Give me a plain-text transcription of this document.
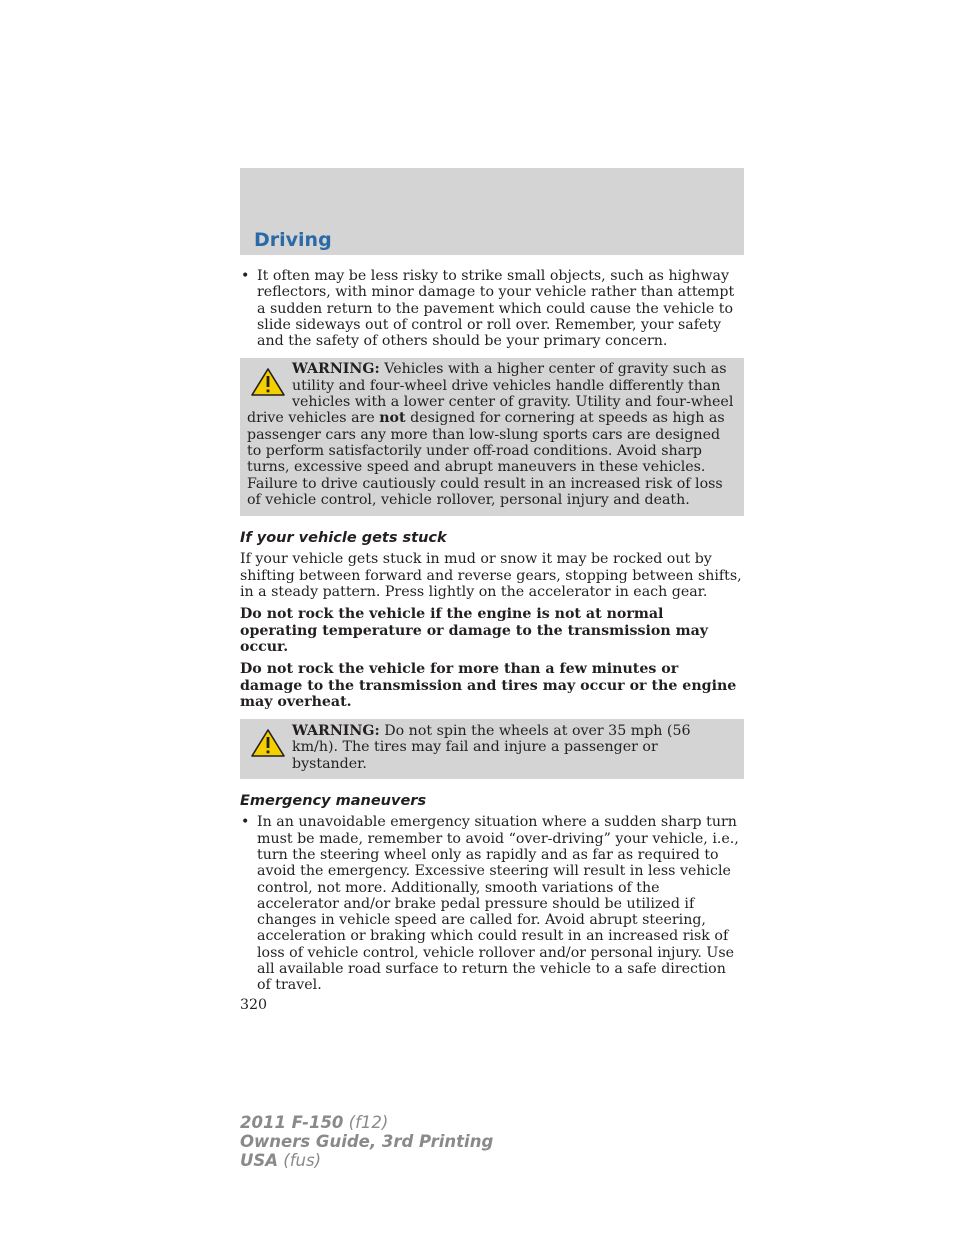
Driving
• It often may be less risky to strike small objects, such as highway reflectors, with minor damage to your vehicle rather than attempt a sudden return to the pavement which could cause the vehicle to slide sideways out of control or roll over. Remember, your safety and the safety of others should be your primary concern.

WARNING: Vehicles with a higher center of gravity such as utility and four-wheel drive vehicles handle differently than vehicles with a lower center of gravity. Utility and four-wheel drive vehicles are not designed for cornering at speeds as high as passenger cars any more than low-slung sports cars are designed to perform satisfactorily under off-road conditions. Avoid sharp turns, excessive speed and abrupt maneuvers in these vehicles. Failure to drive cautiously could result in an increased risk of loss of vehicle control, vehicle rollover, personal injury and death.

If your vehicle gets stuck

If your vehicle gets stuck in mud or snow it may be rocked out by shifting between forward and reverse gears, stopping between shifts, in a steady pattern. Press lightly on the accelerator in each gear.

Do not rock the vehicle if the engine is not at normal operating temperature or damage to the transmission may occur.

Do not rock the vehicle for more than a few minutes or damage to the transmission and tires may occur or the engine may overheat.

WARNING: Do not spin the wheels at over 35 mph (56 km/h). The tires may fail and injure a passenger or bystander.

Emergency maneuvers
• In an unavoidable emergency situation where a sudden sharp turn must be made, remember to avoid “over-driving” your vehicle, i.e., turn the steering wheel only as rapidly and as far as required to avoid the emergency. Excessive steering will result in less vehicle control, not more. Additionally, smooth variations of the accelerator and/or brake pedal pressure should be utilized if changes in vehicle speed are called for. Avoid abrupt steering, acceleration or braking which could result in an increased risk of loss of vehicle control, vehicle rollover and/or personal injury. Use all available road surface to return the vehicle to a safe direction of travel.

320

2011 F-150 (f12)
Owners Guide, 3rd Printing
USA (fus)
